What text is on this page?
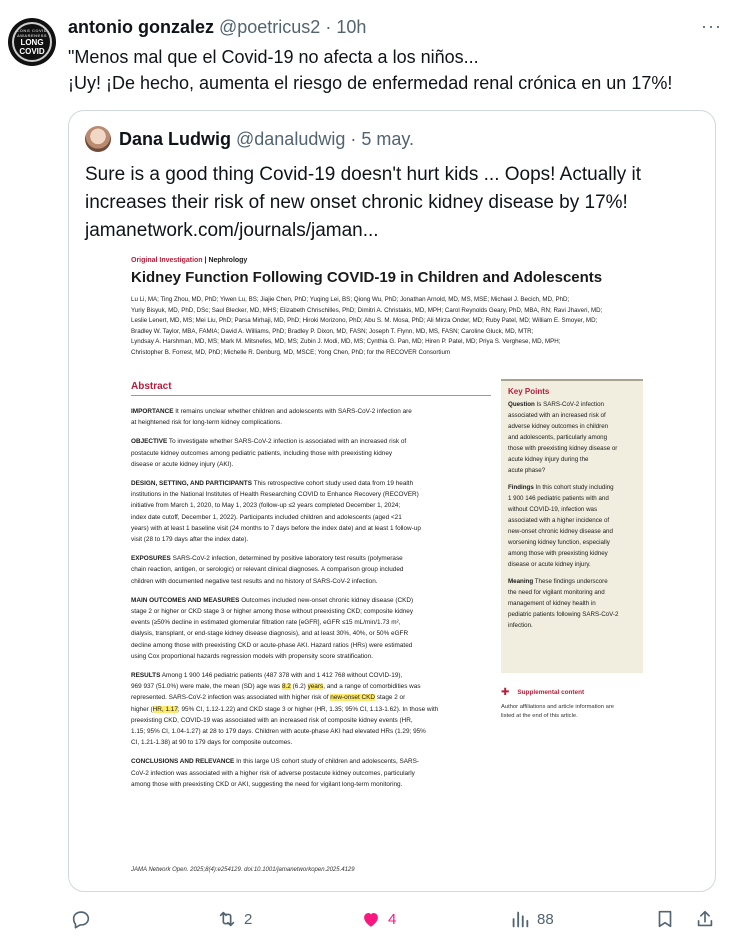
LONG COVID AWARENESS
LONG
COVID
antonio gonzalez @poetricus2 · 10h	···
"Menos mal que el Covid-19 no afecta a los niños...
¡Uy! ¡De hecho, aumenta el riesgo de enfermedad renal crónica en un 17%!
Dana Ludwig @danaludwig · 5 may.
Sure is a good thing Covid-19 doesn't hurt kids ... Oops! Actually it
increases their risk of new onset chronic kidney disease by 17%!
jamanetwork.com/journals/jaman...
Original Investigation | Nephrology
Kidney Function Following COVID-19 in Children and Adolescents
Lu Li, MA; Ting Zhou, MD, PhD; Yiwen Lu, BS; Jiajie Chen, PhD; Yuqing Lei, BS; Qiong Wu, PhD; Jonathan Arnold, MD, MS, MSE; Michael J. Becich, MD, PhD;
Yuriy Bisyuk, MD, PhD, DSc; Saul Blecker, MD, MHS; Elizabeth Chrischilles, PhD; Dimitri A. Christakis, MD, MPH; Carol Reynolds Geary, PhD, MBA, RN; Ravi Jhaveri, MD;
Leslie Lenert, MD, MS; Mei Liu, PhD; Parsa Mirhaji, MD, PhD; Hiroki Morizono, PhD; Abu S. M. Mosa, PhD; Ali Mirza Onder, MD; Ruby Patel, MD; William E. Smoyer, MD;
Bradley W. Taylor, MBA, FAMIA; David A. Williams, PhD; Bradley P. Dixon, MD, FASN; Joseph T. Flynn, MD, MS, FASN; Caroline Gluck, MD, MTR;
Lyndsay A. Harshman, MD, MS; Mark M. Mitsnefes, MD, MS; Zubin J. Modi, MD, MS; Cynthia G. Pan, MD; Hiren P. Patel, MD; Priya S. Verghese, MD, MPH;
Christopher B. Forrest, MD, PhD; Michelle R. Denburg, MD, MSCE; Yong Chen, PhD; for the RECOVER Consortium
Abstract
IMPORTANCE It remains unclear whether children and adolescents with SARS-CoV-2 infection are
at heightened risk for long-term kidney complications.
OBJECTIVE To investigate whether SARS-CoV-2 infection is associated with an increased risk of
postacute kidney outcomes among pediatric patients, including those with preexisting kidney
disease or acute kidney injury (AKI).
DESIGN, SETTING, AND PARTICIPANTS This retrospective cohort study used data from 19 health
institutions in the National Institutes of Health Researching COVID to Enhance Recovery (RECOVER)
initiative from March 1, 2020, to May 1, 2023 (follow-up ≤2 years completed December 1, 2024;
index date cutoff, December 1, 2022). Participants included children and adolescents (aged <21
years) with at least 1 baseline visit (24 months to 7 days before the index date) and at least 1 follow-up
visit (28 to 179 days after the index date).
EXPOSURES SARS-CoV-2 infection, determined by positive laboratory test results (polymerase
chain reaction, antigen, or serologic) or relevant clinical diagnoses. A comparison group included
children with documented negative test results and no history of SARS-CoV-2 infection.
MAIN OUTCOMES AND MEASURES Outcomes included new-onset chronic kidney disease (CKD)
stage 2 or higher or CKD stage 3 or higher among those without preexisting CKD; composite kidney
events (≥50% decline in estimated glomerular filtration rate [eGFR], eGFR ≤15 mL/min/1.73 m²,
dialysis, transplant, or end-stage kidney disease diagnosis), and at least 30%, 40%, or 50% eGFR
decline among those with preexisting CKD or acute-phase AKI. Hazard ratios (HRs) were estimated
using Cox proportional hazards regression models with propensity score stratification.
RESULTS Among 1 900 146 pediatric patients (487 378 with and 1 412 768 without COVID-19),
969 937 (51.0%) were male, the mean (SD) age was 8.2 (6.2) years, and a range of comorbidities was
represented. SARS-CoV-2 infection was associated with higher risk of new-onset CKD stage 2 or
higher (HR, 1.17; 95% CI, 1.12-1.22) and CKD stage 3 or higher (HR, 1.35; 95% CI, 1.13-1.62). In those with
preexisting CKD, COVID-19 was associated with an increased risk of composite kidney events (HR,
1.15; 95% CI, 1.04-1.27) at 28 to 179 days. Children with acute-phase AKI had elevated HRs (1.29; 95%
CI, 1.21-1.38) at 90 to 179 days for composite outcomes.
CONCLUSIONS AND RELEVANCE In this large US cohort study of children and adolescents, SARS-
CoV-2 infection was associated with a higher risk of adverse postacute kidney outcomes, particularly
among those with preexisting CKD or AKI, suggesting the need for vigilant long-term monitoring.
Key Points
Question Is SARS-CoV-2 infection
associated with an increased risk of
adverse kidney outcomes in children
and adolescents, particularly among
those with preexisting kidney disease or
acute kidney injury during the
acute phase?
Findings In this cohort study including
1 900 146 pediatric patients with and
without COVID-19, infection was
associated with a higher incidence of
new-onset chronic kidney disease and
worsening kidney function, especially
among those with preexisting kidney
disease or acute kidney injury.
Meaning These findings underscore
the need for vigilant monitoring and
management of kidney health in
pediatric patients following SARS-CoV-2
infection.
✚ Supplemental content
Author affiliations and article information are
listed at the end of this article.
JAMA Network Open. 2025;8(4):e254129. doi:10.1001/jamanetworkopen.2025.4129
2	4	88
